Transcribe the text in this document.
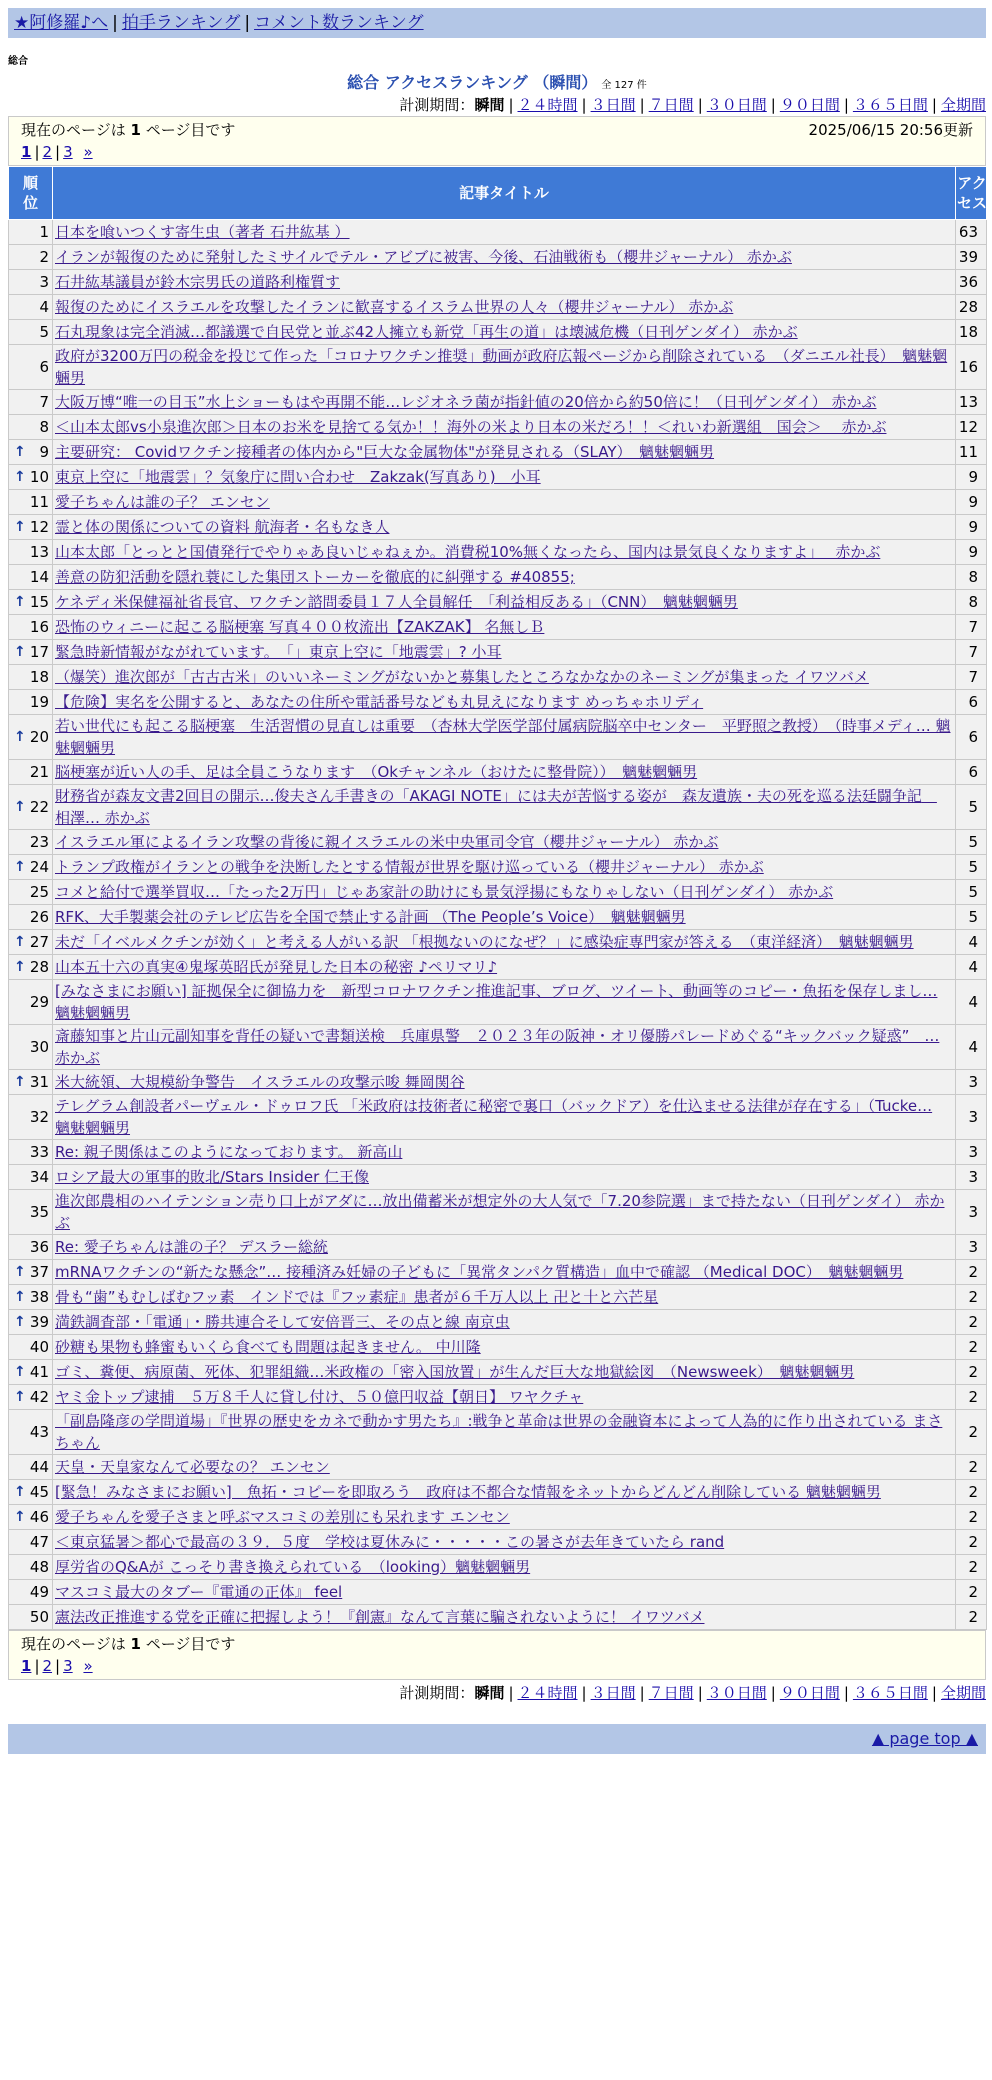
★阿修羅♪へ | 拍手ランキング | コメント数ランキング
総合
総合 アクセスランキング （瞬間） 全 127 件
計測期間：瞬間 | ２４時間 | ３日間 | ７日間 | ３０日間 | ９０日間 | ３６５日間 | 全期間
現在のページは 1 ページ目です	2025/06/15 20:56更新
1 | 2 | 3 »
順位	記事タイトル	アクセス
1	日本を喰いつくす寄生虫（著者 石井紘基 ）	63
2	イランが報復のために発射したミサイルでテル・アビブに被害、今後、石油戦術も（櫻井ジャーナル） 赤かぶ	39
3	石井紘基議員が鈴木宗男氏の道路利権質す	36
4	報復のためにイスラエルを攻撃したイランに歓喜するイスラム世界の人々（櫻井ジャーナル） 赤かぶ	28
5	石丸現象は完全消滅…都議選で自民党と並ぶ42人擁立も新党「再生の道」は壊滅危機（日刊ゲンダイ） 赤かぶ	18
6	政府が3200万円の税金を投じて作った「コロナワクチン推奨」動画が政府広報ページから削除されている　（ダニエル社長）　魑魅魍魎男	16
7	大阪万博“唯一の目玉”水上ショーもはや再開不能…レジオネラ菌が指針値の20倍から約50倍に！（日刊ゲンダイ） 赤かぶ	13
8	＜山本太郎vs小泉進次郎＞日本のお米を見捨てる気か！！海外の米より日本の米だろ！！＜れいわ新選組　国会＞　 赤かぶ	12

↑ 9	主要研究： Covidワクチン接種者の体内から"巨大な金属物体"が発見される（SLAY）　魑魅魍魎男	11

↑ 10	東京上空に「地震雲」？気象庁に問い合わせ　Zakzak(写真あり)　小耳	9
11	愛子ちゃんは誰の子？ エンセン	9

↑ 12	霊と体の関係についての資料 航海者・名もなき人	9
13	山本太郎「とっとと国債発行でやりゃあ良いじゃねぇか。消費税10%無くなったら、国内は景気良くなりますよ」　 赤かぶ	9
14	善意の防犯活動を隠れ蓑にした集団ストーカーを徹底的に糾弾する #40855;	8

↑ 15	ケネディ米保健福祉省長官、ワクチン諮問委員１７人全員解任　「利益相反ある」（CNN）　魑魅魍魎男	8
16	恐怖のウィニーに起こる脳梗塞 写真４００枚流出【ZAKZAK】 名無しＢ	7

↑ 17	緊急時新情報がながれています。　「」東京上空に「地震雲」? 小耳	7
18	（爆笑）進次郎が「古古古米」のいいネーミングがないかと募集したところなかなかのネーミングが集まった イワツバメ	7
19	【危険】実名を公開すると、あなたの住所や電話番号なども丸見えになります めっちゃホリディ	6

↑ 20	若い世代にも起こる脳梗塞　生活習慣の見直しは重要　（杏林大学医学部付属病院脳卒中センター　平野照之教授）　（時事メディ… 魑魅魍魎男	6
21	脳梗塞が近い人の手、足は全員こうなります　（Okチャンネル（おけたに整骨院））　魑魅魍魎男	6

↑ 22	財務省が森友文書2回目の開示…俊夫さん手書きの「AKAGI NOTE」には夫が苦悩する姿が　森友遺族・夫の死を巡る法廷闘争記　相澤… 赤かぶ	5
23	イスラエル軍によるイラン攻撃の背後に親イスラエルの米中央軍司令官（櫻井ジャーナル） 赤かぶ	5

↑ 24	トランプ政権がイランとの戦争を決断したとする情報が世界を駆け巡っている（櫻井ジャーナル） 赤かぶ	5
25	コメと給付で選挙買収…「たった2万円」じゃあ家計の助けにも景気浮揚にもなりゃしない（日刊ゲンダイ） 赤かぶ	5
26	RFK、大手製薬会社のテレビ広告を全国で禁止する計画 （The People’s Voice）　魑魅魍魎男	5

↑ 27	未だ「イベルメクチンが効く」と考える人がいる訳 「根拠ないのになぜ？」に感染症専門家が答える　（東洋経済）　魑魅魍魎男	4

↑ 28	山本五十六の真実④鬼塚英昭氏が発見した日本の秘密 ♪ペリマリ♪	4
29	[みなさまにお願い] 証拠保全に御協力を　新型コロナワクチン推進記事、ブログ、ツイート、動画等のコピー・魚拓を保存しまし… 魑魅魍魎男	4
30	斎藤知事と片山元副知事を背任の疑いで書類送検　兵庫県警　２０２３年の阪神・オリ優勝パレードめぐる“キックバック疑惑”　… 赤かぶ	4

↑ 31	米大統領、大規模紛争警告　イスラエルの攻撃示唆 舞岡関谷	3
32	テレグラム創設者パーヴェル・ドゥロフ氏 「米政府は技術者に秘密で裏口（バックドア）を仕込ませる法律が存在する」（Tucke… 魑魅魍魎男	3
33	Re: 親子関係はこのようになっております。 新高山	3
34	ロシア最大の軍事的敗北/Stars Insider 仁王像	3
35	進次郎農相のハイテンション売り口上がアダに…放出備蓄米が想定外の大人気で「7.20参院選」まで持たない（日刊ゲンダイ） 赤かぶ	3
36	Re: 愛子ちゃんは誰の子？ デスラー総統	3

↑ 37	mRNAワクチンの“新たな懸念”… 接種済み妊婦の子どもに「異常タンパク質構造」血中で確認 （Medical DOC）　魑魅魍魎男	2

↑ 38	骨も“歯”もむしばむフッ素　インドでは『フッ素症』患者が６千万人以上 卍と十と六芒星	2

↑ 39	満鉄調査部・「電通」・勝共連合そして安倍晋三、その点と線 南京虫	2
40	砂糖も果物も蜂蜜もいくら食べても問題は起きません。 中川隆	2

↑ 41	ゴミ、糞便、病原菌、死体、犯罪組織…米政権の「密入国放置」が生んだ巨大な地獄絵図　（Newsweek）　魑魅魍魎男	2

↑ 42	ヤミ金トップ逮捕　５万８千人に貸し付け、５０億円収益【朝日】 ワヤクチャ	2
43	「副島隆彦の学問道場」『世界の歴史をカネで動かす男たち』:戦争と革命は世界の金融資本によって人為的に作り出されている まさちゃん	2
44	天皇・天皇家なんて必要なの？ エンセン	2

↑ 45	[緊急！みなさまにお願い]　魚拓・コピーを即取ろう　政府は不都合な情報をネットからどんどん削除している 魑魅魍魎男	2

↑ 46	愛子ちゃんを愛子さまと呼ぶマスコミの差別にも呆れます エンセン	2
47	＜東京猛暑＞都心で最高の３９．５度　学校は夏休みに・・・・・この暑さが去年きていたら rand	2
48	厚労省のQ&Aが こっそり書き換えられている　（looking）魑魅魍魎男	2
49	マスコミ最大のタブー『電通の正体』 feel	2
50	憲法改正推進する党を正確に把握しよう！『創憲』なんて言葉に騙されないように！ イワツバメ	2
現在のページは 1 ページ目です
1 | 2 | 3 »
計測期間：瞬間 | ２４時間 | ３日間 | ７日間 | ３０日間 | ９０日間 | ３６５日間 | 全期間
▲ page top ▲
